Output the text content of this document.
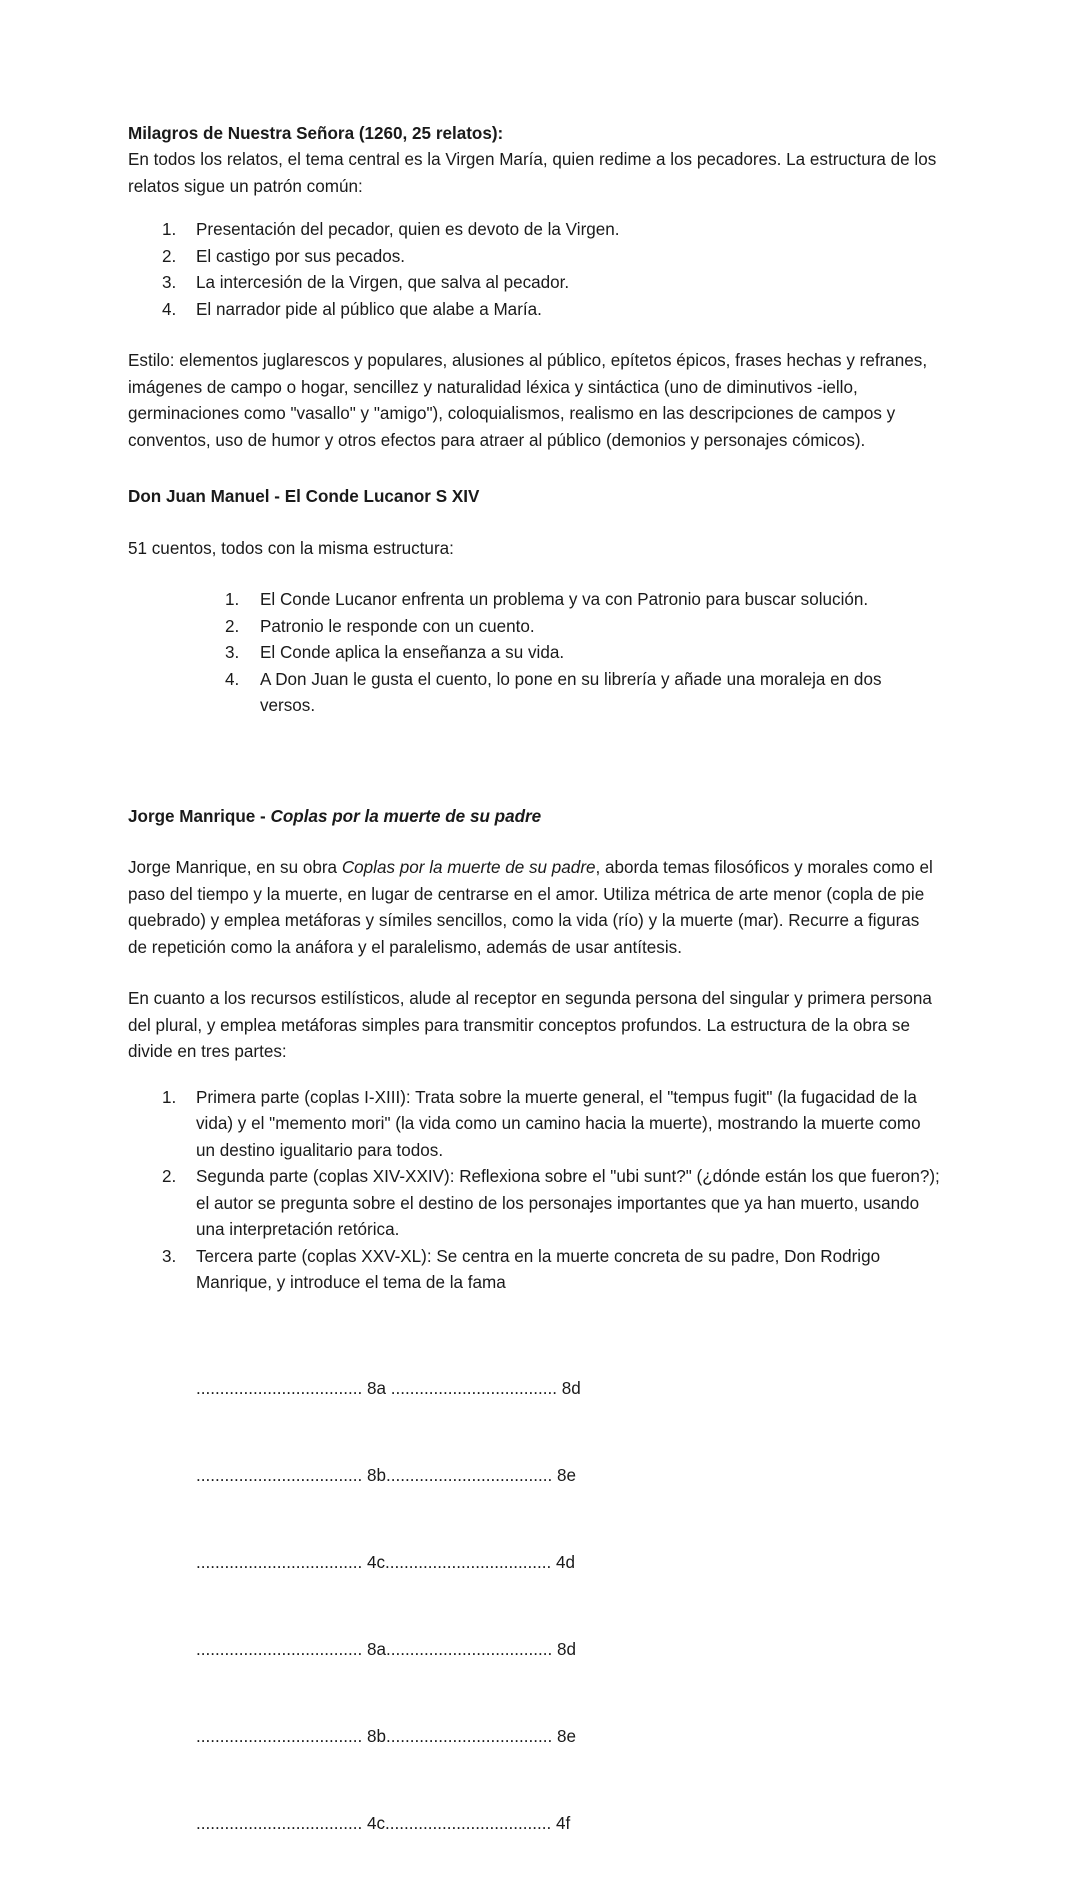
Milagros de Nuestra Señora (1260, 25 relatos):

En todos los relatos, el tema central es la Virgen María, quien redime a los pecadores. La estructura de los relatos sigue un patrón común:

1.	Presentación del pecador, quien es devoto de la Virgen.
2.	El castigo por sus pecados.
3.	La intercesión de la Virgen, que salva al pecador.
4.	El narrador pide al público que alabe a María.

Estilo: elementos juglarescos y populares, alusiones al público, epítetos épicos, frases hechas y refranes, imágenes de campo o hogar, sencillez y naturalidad léxica y sintáctica (uno de diminutivos -iello, germinaciones como "vasallo" y "amigo"), coloquialismos, realismo en las descripciones de campos y conventos, uso de humor y otros efectos para atraer al público (demonios y personajes cómicos).

Don Juan Manuel - El Conde Lucanor S XIV

51 cuentos, todos con la misma estructura:

1.	El Conde Lucanor enfrenta un problema y va con Patronio para buscar solución.
2.	Patronio le responde con un cuento.
3.	El Conde aplica la enseñanza a su vida.
4.	A Don Juan le gusta el cuento, lo pone en su librería y añade una moraleja en dos versos.

Jorge Manrique - Coplas por la muerte de su padre

Jorge Manrique, en su obra Coplas por la muerte de su padre, aborda temas filosóficos y morales como el paso del tiempo y la muerte, en lugar de centrarse en el amor. Utiliza métrica de arte menor (copla de pie quebrado) y emplea metáforas y símiles sencillos, como la vida (río) y la muerte (mar). Recurre a figuras de repetición como la anáfora y el paralelismo, además de usar antítesis.

En cuanto a los recursos estilísticos, alude al receptor en segunda persona del singular y primera persona del plural, y emplea metáforas simples para transmitir conceptos profundos. La estructura de la obra se divide en tres partes:

1.	Primera parte (coplas I-XIII): Trata sobre la muerte general, el "tempus fugit" (la fugacidad de la vida) y el "memento mori" (la vida como un camino hacia la muerte), mostrando la muerte como un destino igualitario para todos.
2.	Segunda parte (coplas XIV-XXIV): Reflexiona sobre el "ubi sunt?" (¿dónde están los que fueron?); el autor se pregunta sobre el destino de los personajes importantes que ya han muerto, usando una interpretación retórica.
3.	Tercera parte (coplas XXV-XL): Se centra en la muerte concreta de su padre, Don Rodrigo Manrique, y introduce el tema de la fama

................................... 8a ................................... 8d

................................... 8b................................... 8e

................................... 4c................................... 4d

................................... 8a................................... 8d

................................... 8b................................... 8e

................................... 4c................................... 4f
